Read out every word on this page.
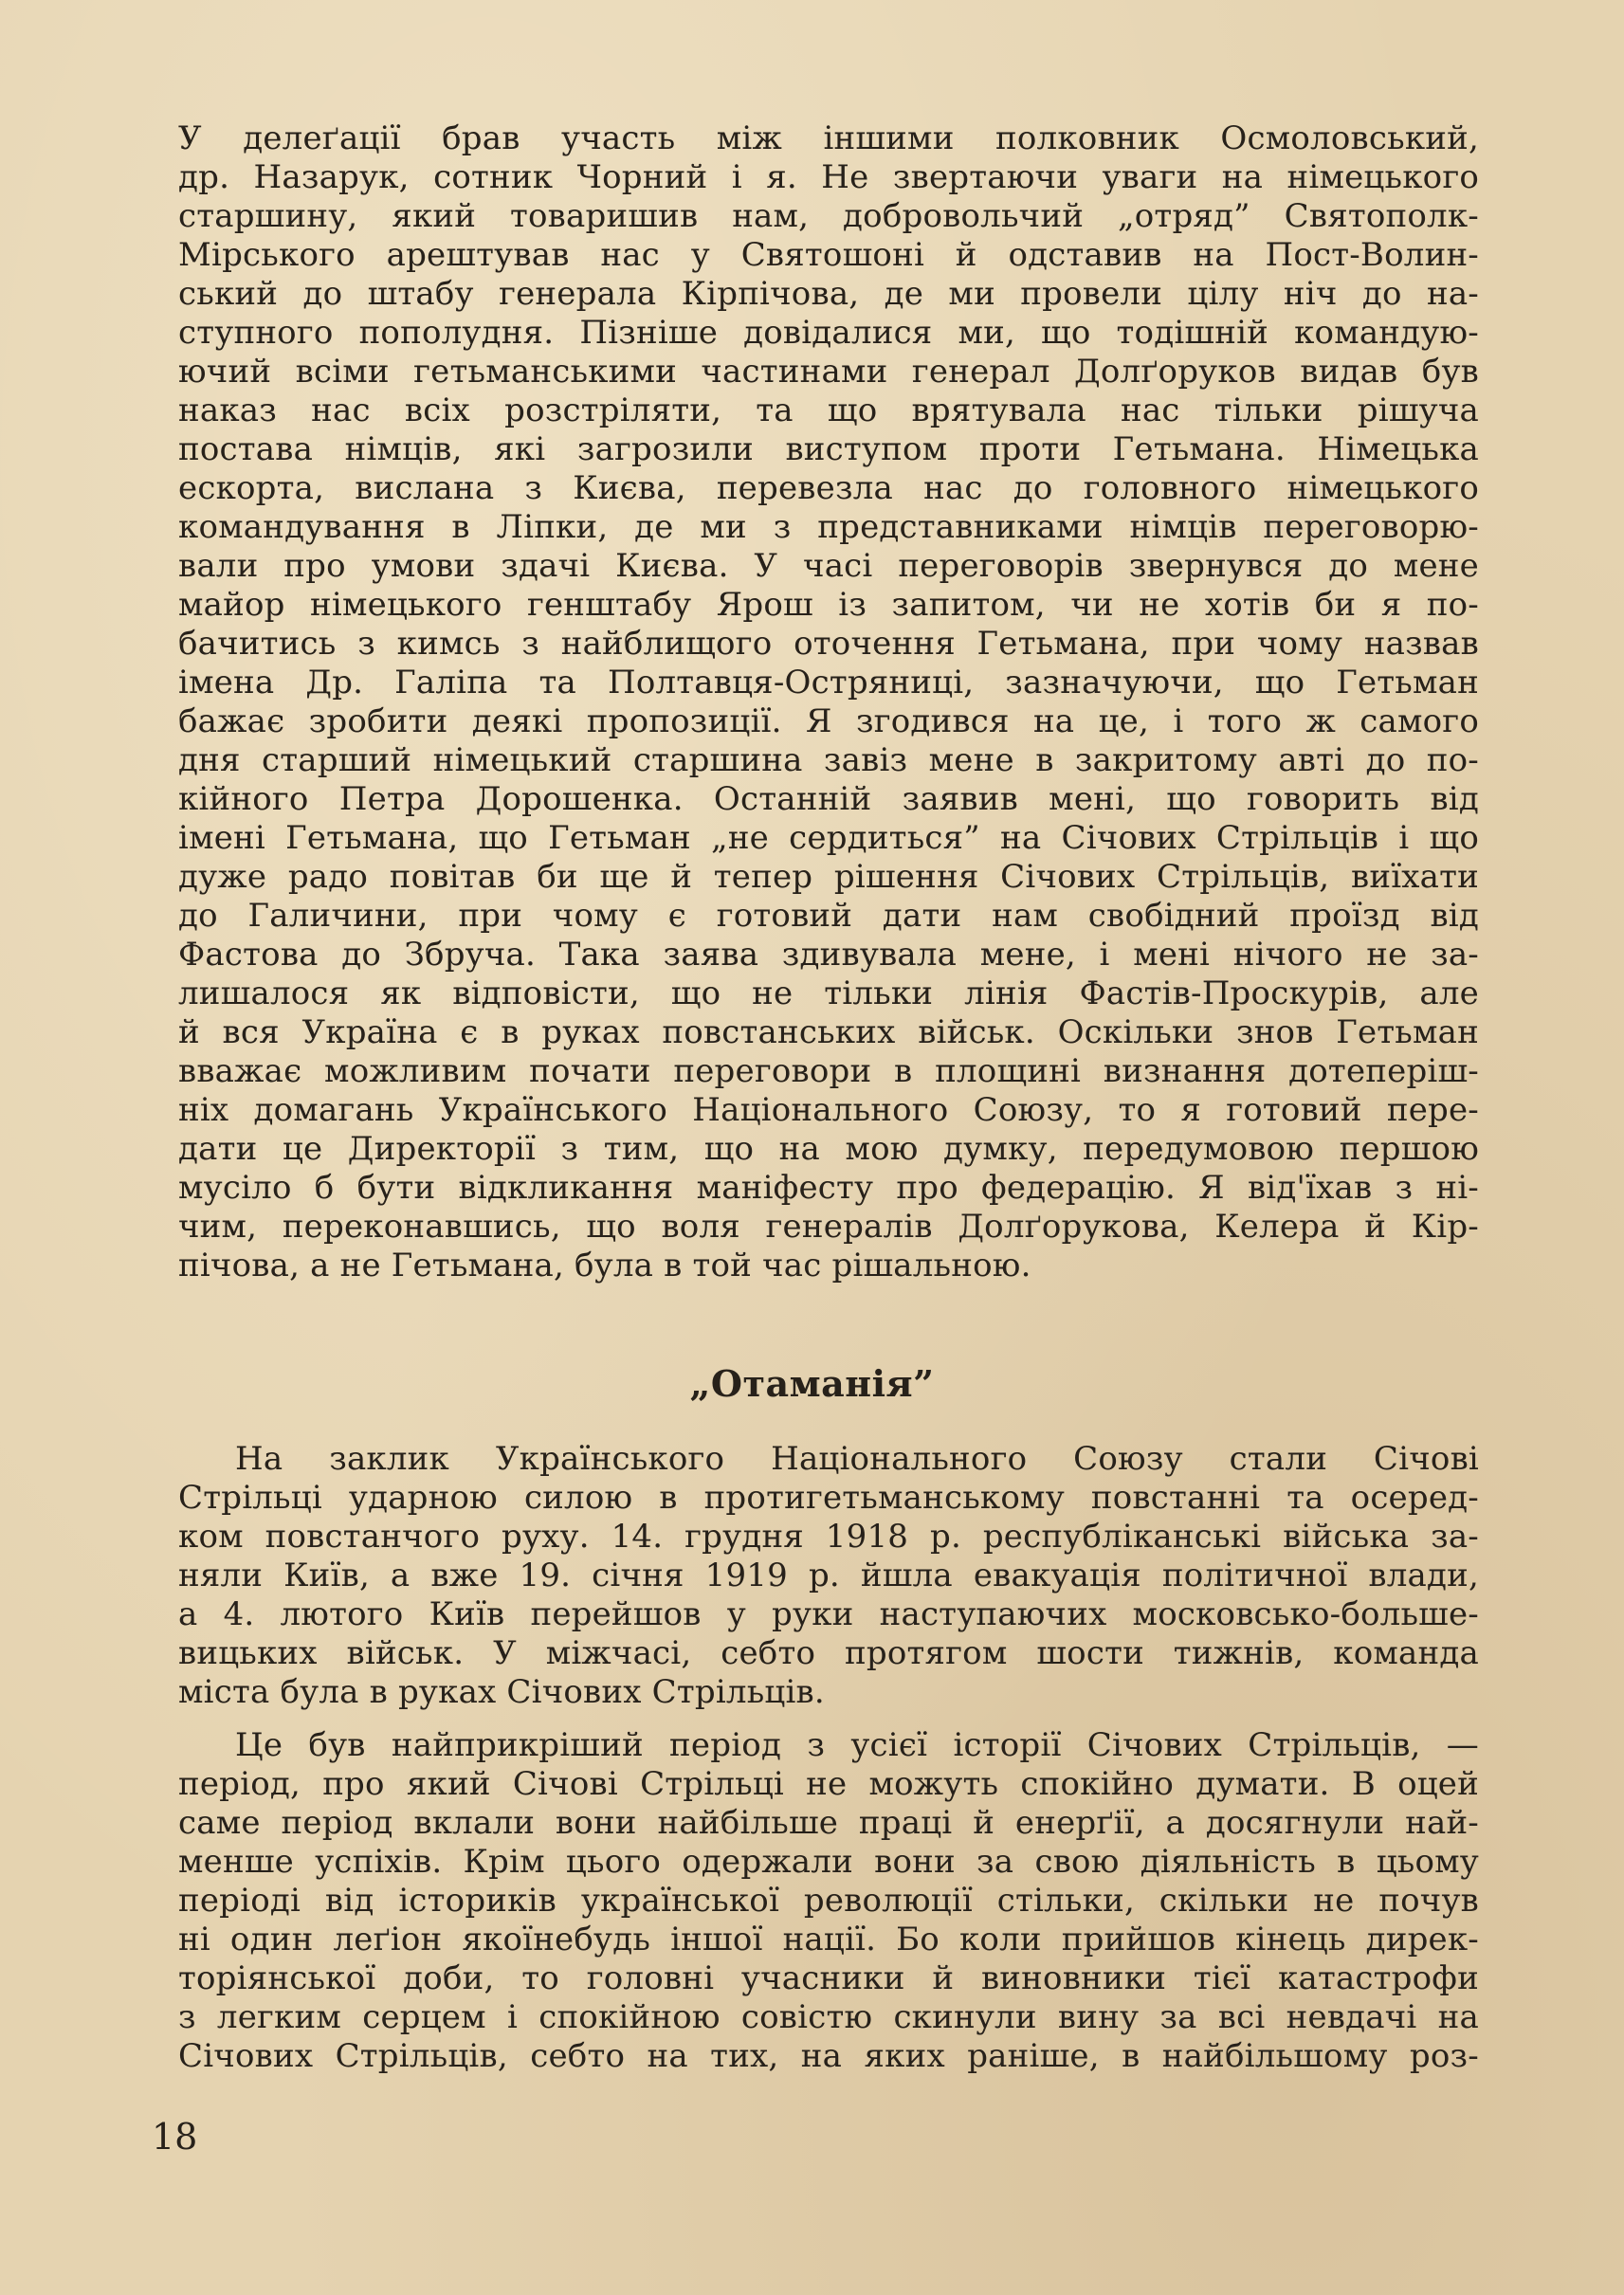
У делеґації брав участь між іншими полковник Осмоловський,
др. Назарук, сотник Чорний і я. Не звертаючи уваги на німецького
старшину, який товаришив нам, добровольчий „отряд” Святополк-
Мірського арештував нас у Святошоні й одставив на Пост-Волин-
ський до штабу генерала Кірпічова, де ми провели цілу ніч до на-
ступного пополудня. Пізніше довідалися ми, що тодішній командую-
ючий всіми гетьманськими частинами генерал Долґоруков видав був
наказ нас всіх розстріляти, та що врятувала нас тільки рішуча
постава німців, які загрозили виступом проти Гетьмана. Німецька
ескорта, вислана з Києва, перевезла нас до головного німецького
командування в Ліпки, де ми з представниками німців переговорю-
вали про умови здачі Києва. У часі переговорів звернувся до мене
майор німецького генштабу Ярош із запитом, чи не хотів би я по-
бачитись з кимсь з найблищого оточення Гетьмана, при чому назвав
імена Др. Галіпа та Полтавця-Остряниці, зазначуючи, що Гетьман
бажає зробити деякі пропозиції. Я згодився на це, і того ж самого
дня старший німецький старшина завіз мене в закритому авті до по-
кійного Петра Дорошенка. Останній заявив мені, що говорить від
імені Гетьмана, що Гетьман „не сердиться” на Січових Стрільців і що
дуже радо повітав би ще й тепер рішення Січових Стрільців, виїхати
до Галичини, при чому є готовий дати нам свобідний проїзд від
Фастова до Збруча. Така заява здивувала мене, і мені нічого не за-
лишалося як відповісти, що не тільки лінія Фастів-Проскурів, але
й вся Україна є в руках повстанських військ. Оскільки знов Гетьман
вважає можливим почати переговори в площині визнання дотеперіш-
ніх домагань Українського Національного Союзу, то я готовий пере-
дати це Директорії з тим, що на мою думку, передумовою першою
мусіло б бути відкликання маніфесту про федерацію. Я від'їхав з ні-
чим, переконавшись, що воля генералів Долґорукова, Келера й Кір-
пічова, а не Гетьмана, була в той час рішальною.
„Отаманія”
На заклик Українського Національного Союзу стали Січові
Стрільці ударною силою в протигетьманському повстанні та осеред-
ком повстанчого руху. 14. грудня 1918 р. республіканські війська за-
няли Київ, а вже 19. січня 1919 р. йшла евакуація політичної влади,
а 4. лютого Київ перейшов у руки наступаючих московсько-больше-
вицьких військ. У міжчасі, себто протягом шости тижнів, команда
міста була в руках Січових Стрільців.
Це був найприкріший період з усієї історії Січових Стрільців, —
період, про який Січові Стрільці не можуть спокійно думати. В оцей
саме період вклали вони найбільше праці й енерґії, а досягнули най-
менше успіхів. Крім цього одержали вони за свою діяльність в цьому
періоді від істориків української революції стільки, скільки не почув
ні один леґіон якоїнебудь іншої нації. Бо коли прийшов кінець дирек-
торіянської доби, то головні учасники й виновники тієї катастрофи
з легким серцем і спокійною совістю скинули вину за всі невдачі на
Січових Стрільців, себто на тих, на яких раніше, в найбільшому роз-
18
